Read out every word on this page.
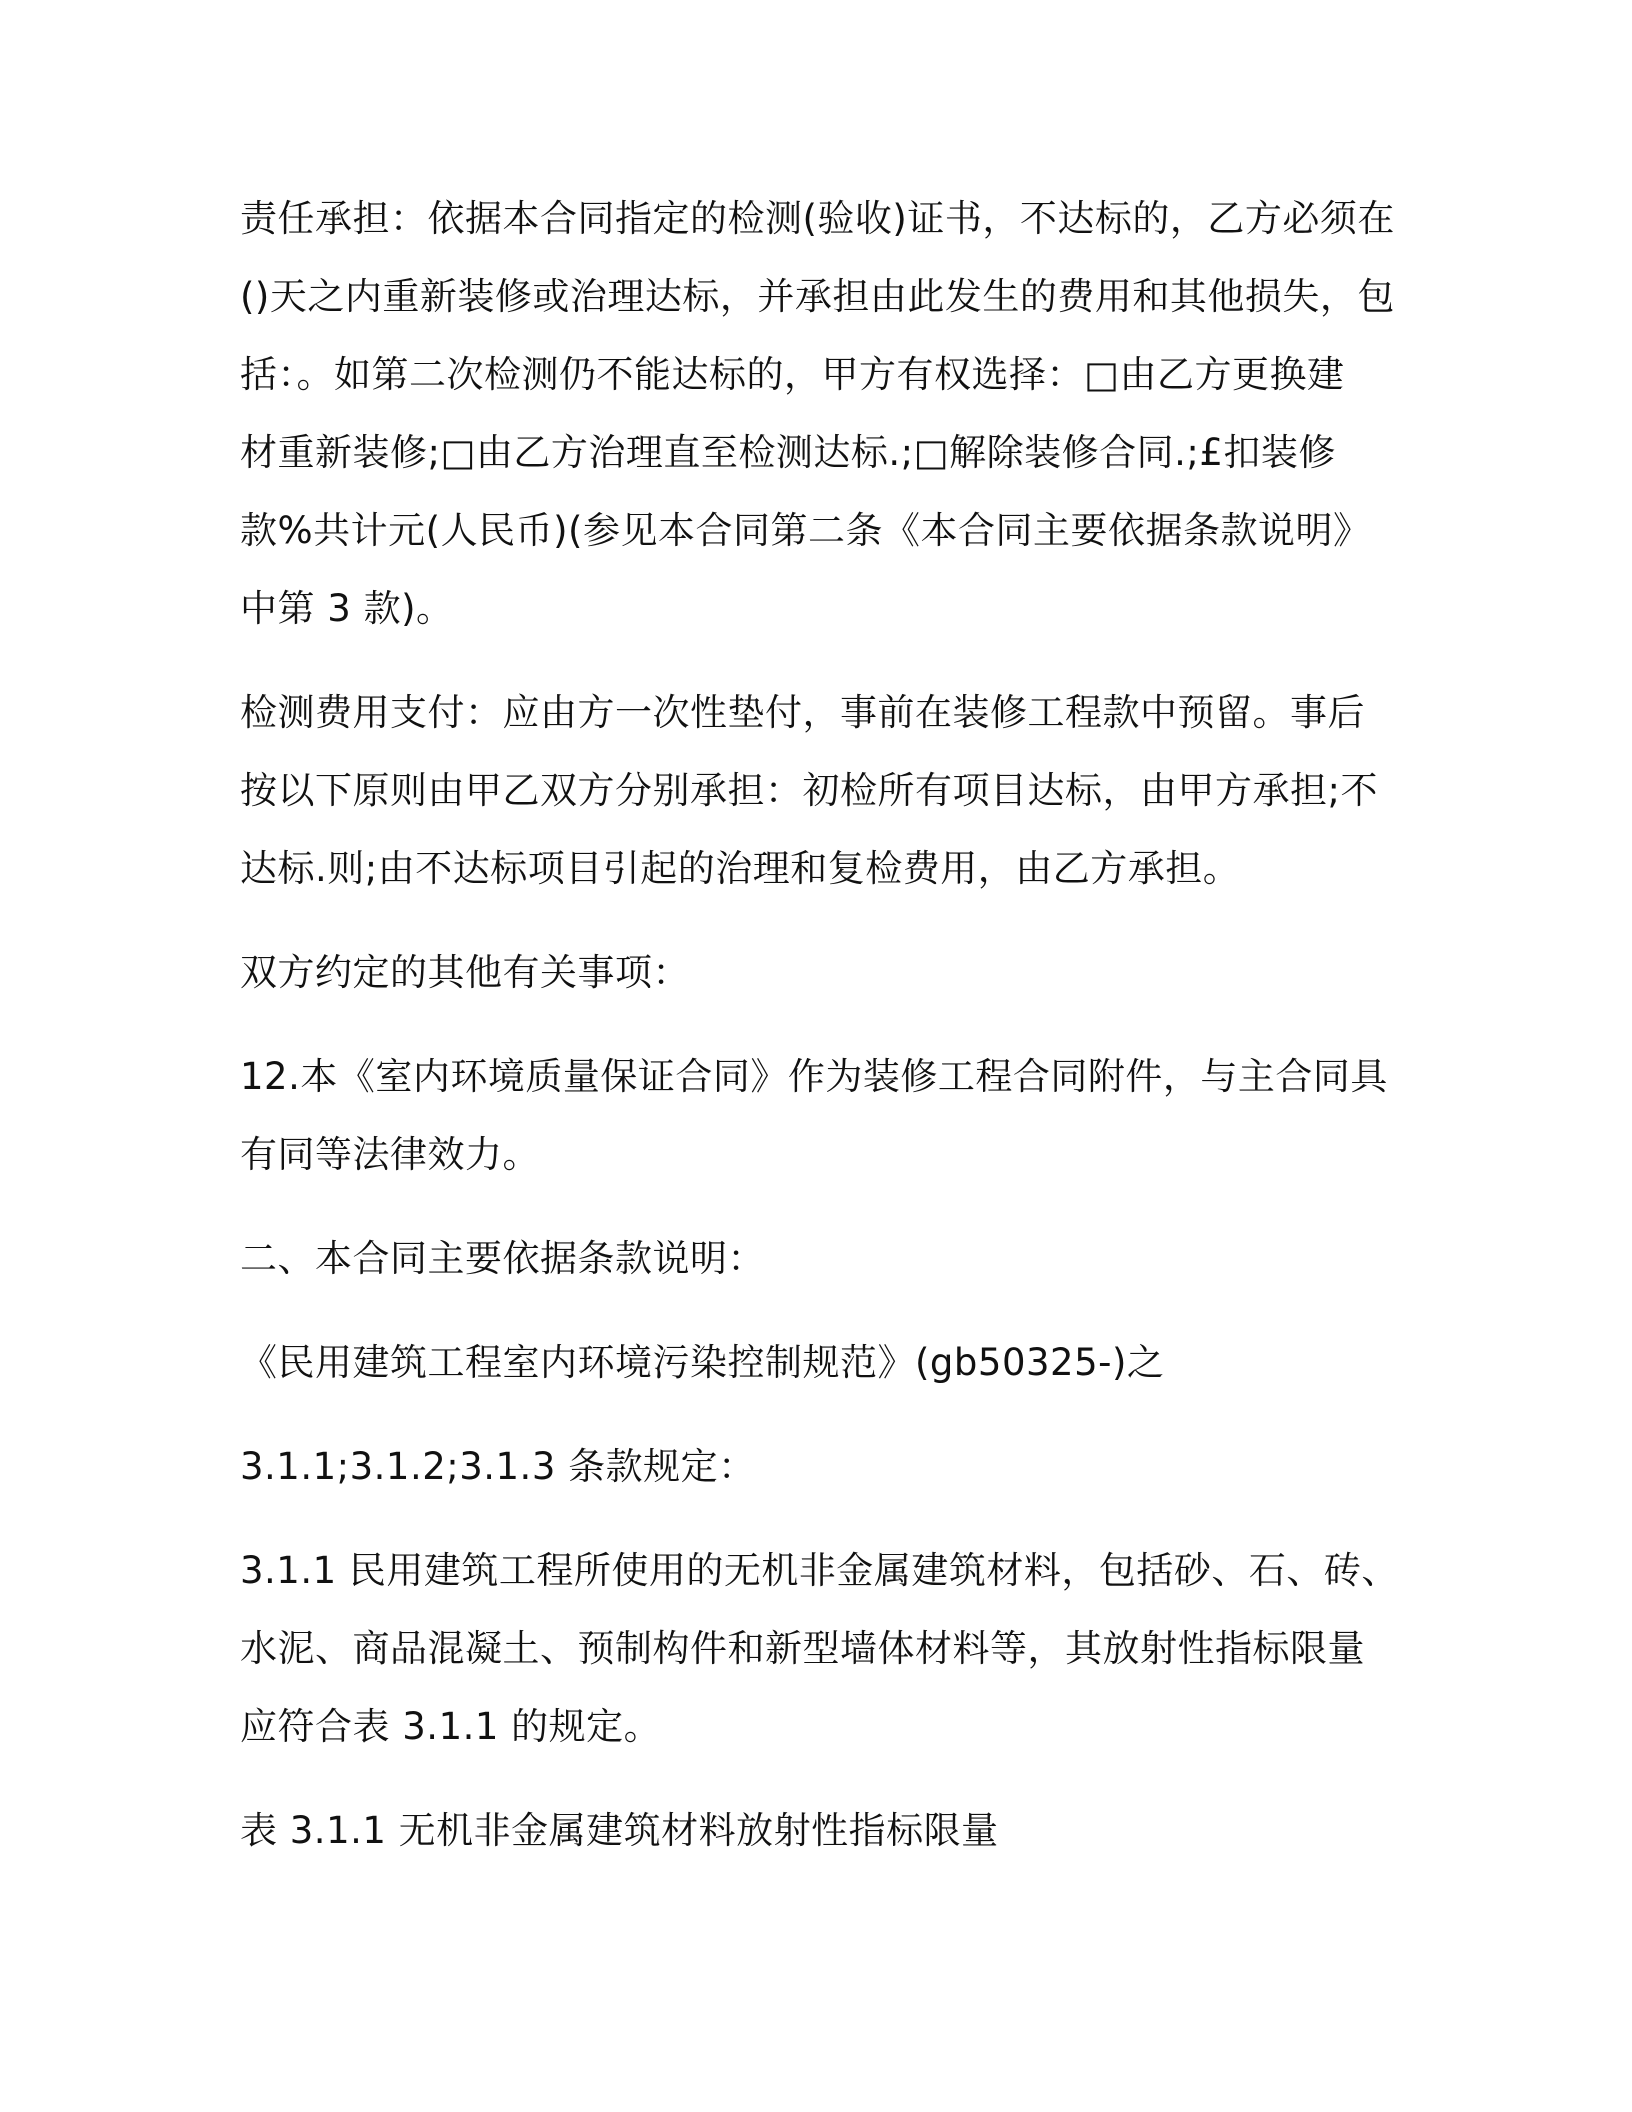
责任承担：依据本合同指定的检测(验收)证书，不达标的，乙方必须在
()天之内重新装修或治理达标，并承担由此发生的费用和其他损失，包
括：。如第二次检测仍不能达标的，甲方有权选择：□由乙方更换建
材重新装修;□由乙方治理直至检测达标.;□解除装修合同.;£扣装修
款%共计元(人民币)(参见本合同第二条《本合同主要依据条款说明》
中第 3 款)。

检测费用支付：应由方一次性垫付，事前在装修工程款中预留。事后
按以下原则由甲乙双方分别承担：初检所有项目达标，由甲方承担;不
达标.则;由不达标项目引起的治理和复检费用，由乙方承担。

双方约定的其他有关事项：

12.本《室内环境质量保证合同》作为装修工程合同附件，与主合同具
有同等法律效力。

二、本合同主要依据条款说明：

《民用建筑工程室内环境污染控制规范》(gb50325-)之

3.1.1;3.1.2;3.1.3 条款规定：

3.1.1 民用建筑工程所使用的无机非金属建筑材料，包括砂、石、砖、
水泥、商品混凝土、预制构件和新型墙体材料等，其放射性指标限量
应符合表 3.1.1 的规定。

表 3.1.1 无机非金属建筑材料放射性指标限量
